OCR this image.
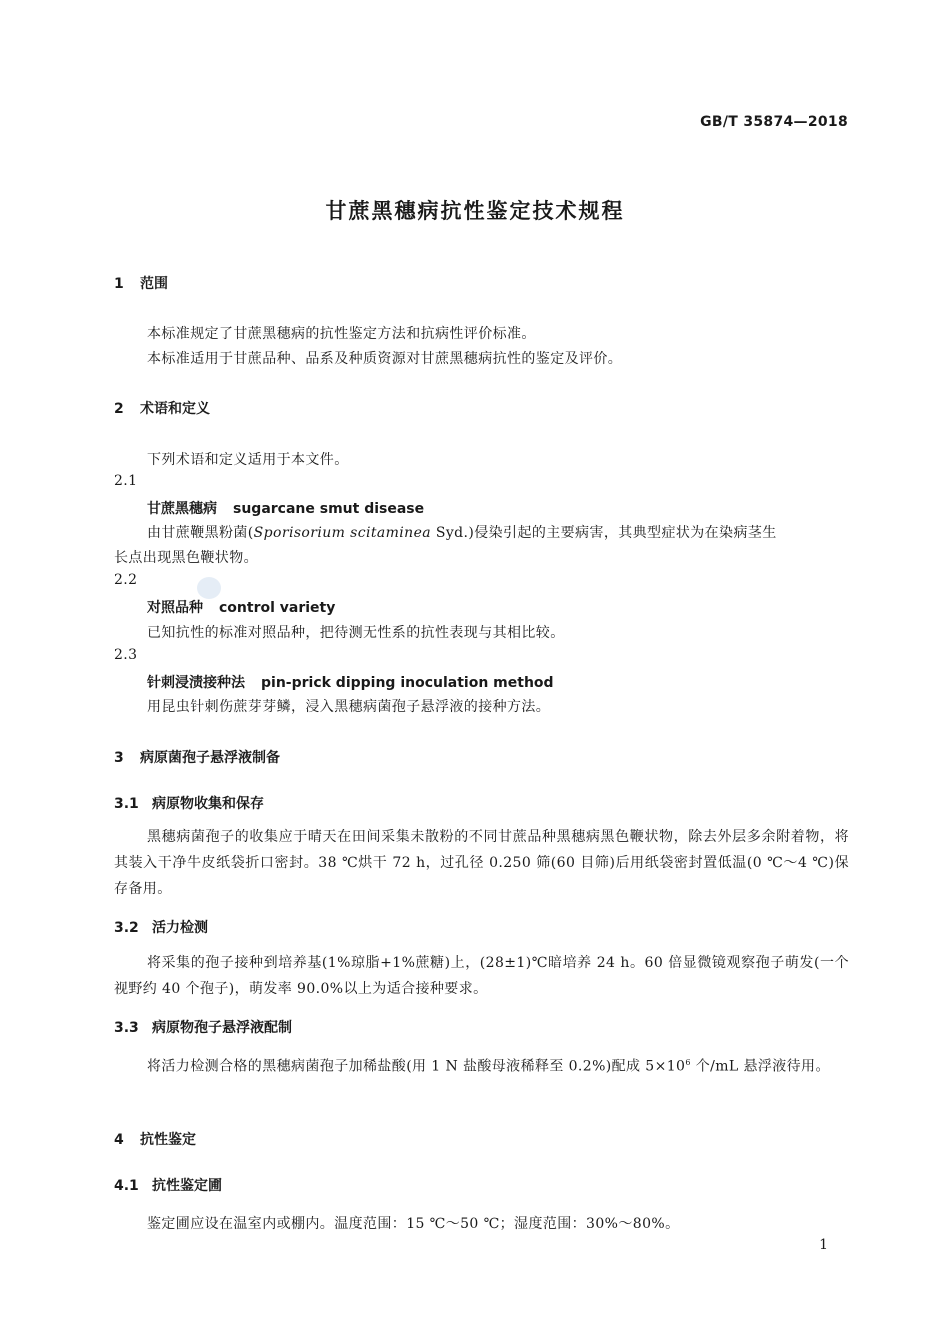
GB/T 35874—2018
甘蔗黑穗病抗性鉴定技术规程
1 范围
本标准规定了甘蔗黑穗病的抗性鉴定方法和抗病性评价标准。
本标准适用于甘蔗品种、品系及种质资源对甘蔗黑穗病抗性的鉴定及评价。
2 术语和定义
下列术语和定义适用于本文件。
2.1
甘蔗黑穗病 sugarcane smut disease
由甘蔗鞭黑粉菌(Sporisorium scitaminea Syd.)侵染引起的主要病害，其典型症状为在染病茎生
长点出现黑色鞭状物。
2.2
对照品种 control variety
已知抗性的标准对照品种，把待测无性系的抗性表现与其相比较。
2.3
针刺浸渍接种法 pin-prick dipping inoculation method
用昆虫针刺伤蔗芽芽鳞，浸入黑穗病菌孢子悬浮液的接种方法。
3 病原菌孢子悬浮液制备
3.1 病原物收集和保存
黑穗病菌孢子的收集应于晴天在田间采集未散粉的不同甘蔗品种黑穗病黑色鞭状物，除去外层多余附着物，将其装入干净牛皮纸袋折口密封。38 ℃烘干 72 h，过孔径 0.250 筛(60 目筛)后用纸袋密封置低温(0 ℃～4 ℃)保存备用。
3.2 活力检测
将采集的孢子接种到培养基(1%琼脂+1%蔗糖)上，(28±1)℃暗培养 24 h。60 倍显微镜观察孢子萌发(一个视野约 40 个孢子)，萌发率 90.0%以上为适合接种要求。
3.3 病原物孢子悬浮液配制
将活力检测合格的黑穗病菌孢子加稀盐酸(用 1 N 盐酸母液稀释至 0.2%)配成 $5\times 10^6$ 个/mL 悬浮液待用。
4 抗性鉴定
4.1 抗性鉴定圃
鉴定圃应设在温室内或棚内。温度范围：15 ℃～50 ℃；湿度范围：30%～80%。
1
